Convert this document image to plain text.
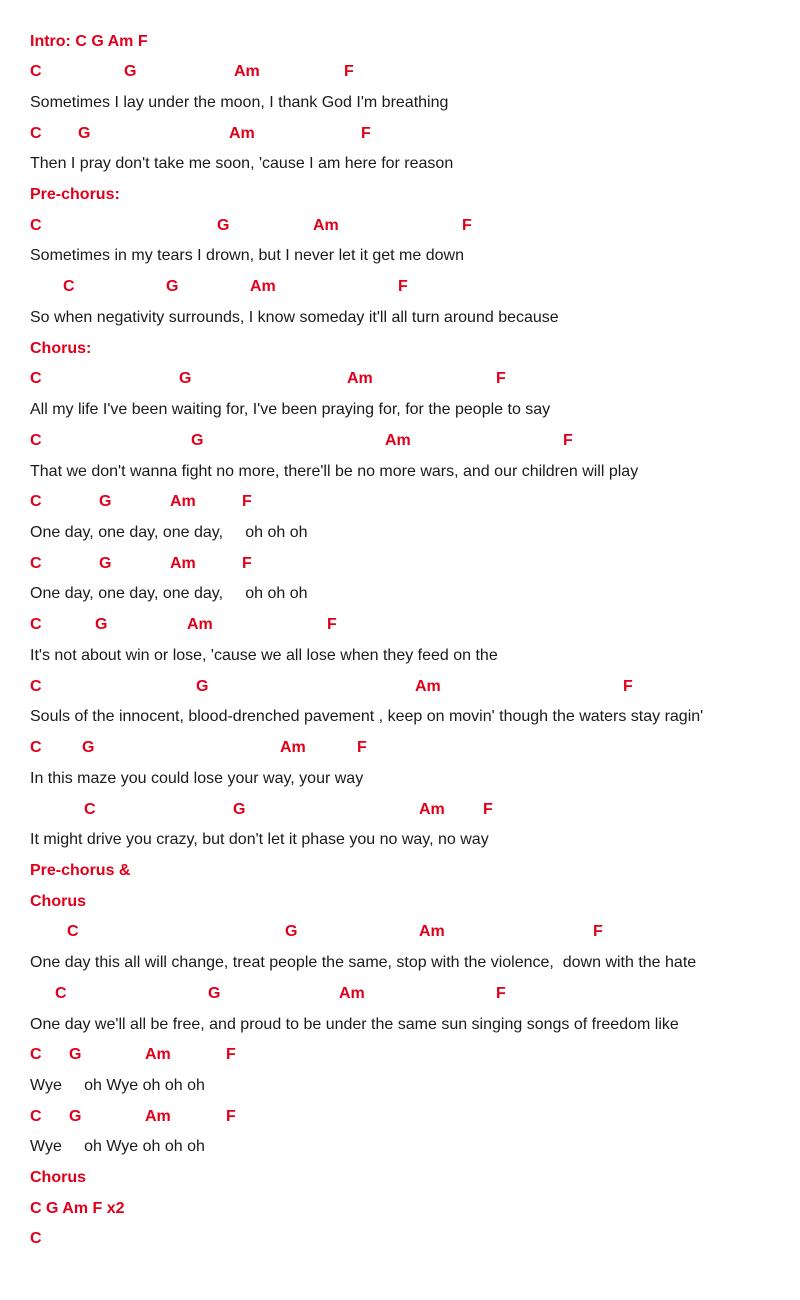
Intro: C G Am F
C	G	Am	F
Sometimes I lay under the moon, I thank God I'm breathing
C G	Am	F
Then I pray don't take me soon, 'cause I am here for reason
Pre-chorus:
C	G	Am	F
Sometimes in my tears I drown, but I never let it get me down
C	G	Am	F
So when negativity surrounds, I know someday it'll all turn around because
Chorus:
C	G	Am	F
All my life I've been waiting for, I've been praying for, for the people to say
C	G	Am	F
That we don't wanna fight no more, there'll be no more wars, and our children will play
C	G	Am	F
One day, one day, one day,     oh oh oh
C	G	Am	F
One day, one day, one day,     oh oh oh
C	G	Am	F
It's not about win or lose, 'cause we all lose when they feed on the
C	G	Am	F
Souls of the innocent, blood-drenched pavement , keep on movin' though the waters stay ragin'
C	G	Am	F
In this maze you could lose your way, your way
C	G	Am F
It might drive you crazy, but don't let it phase you no way, no way
Pre-chorus &
Chorus
C	G	Am	F
One day this all will change, treat people the same, stop with the violence,  down with the hate
C	G	Am	F
One day we'll all be free, and proud to be under the same sun singing songs of freedom like
C G	Am	F
Wye     oh Wye oh oh oh
C G	Am	F
Wye     oh Wye oh oh oh
Chorus
C G Am F x2
C
